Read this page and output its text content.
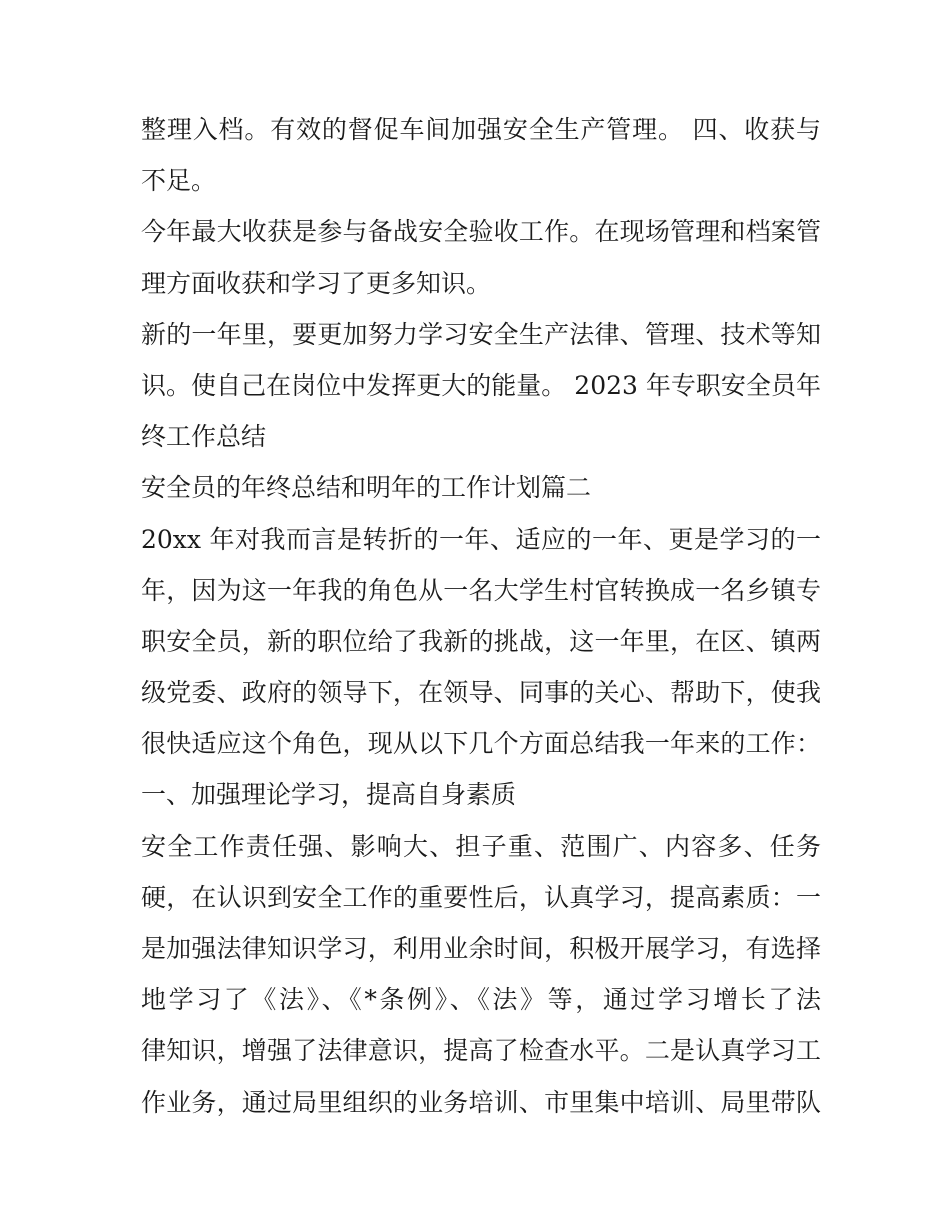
整理入档。有效的督促车间加强安全生产管理。 四、收获与
不足。
今年最大收获是参与备战安全验收工作。在现场管理和档案管
理方面收获和学习了更多知识。
新的一年里，要更加努力学习安全生产法律、管理、技术等知
识。使自己在岗位中发挥更大的能量。 2023 年专职安全员年
终工作总结
安全员的年终总结和明年的工作计划篇二
20xx 年对我而言是转折的一年、适应的一年、更是学习的一
年，因为这一年我的角色从一名大学生村官转换成一名乡镇专
职安全员，新的职位给了我新的挑战，这一年里，在区、镇两
级党委、政府的领导下，在领导、同事的关心、帮助下，使我
很快适应这个角色，现从以下几个方面总结我一年来的工作：
一、加强理论学习，提高自身素质
安全工作责任强、影响大、担子重、范围广、内容多、任务
硬，在认识到安全工作的重要性后，认真学习，提高素质：一
是加强法律知识学习，利用业余时间，积极开展学习，有选择
地学习了《法》、《*条例》、《法》等，通过学习增长了法
律知识，增强了法律意识，提高了检查水平。二是认真学习工
作业务，通过局里组织的业务培训、市里集中培训、局里带队
